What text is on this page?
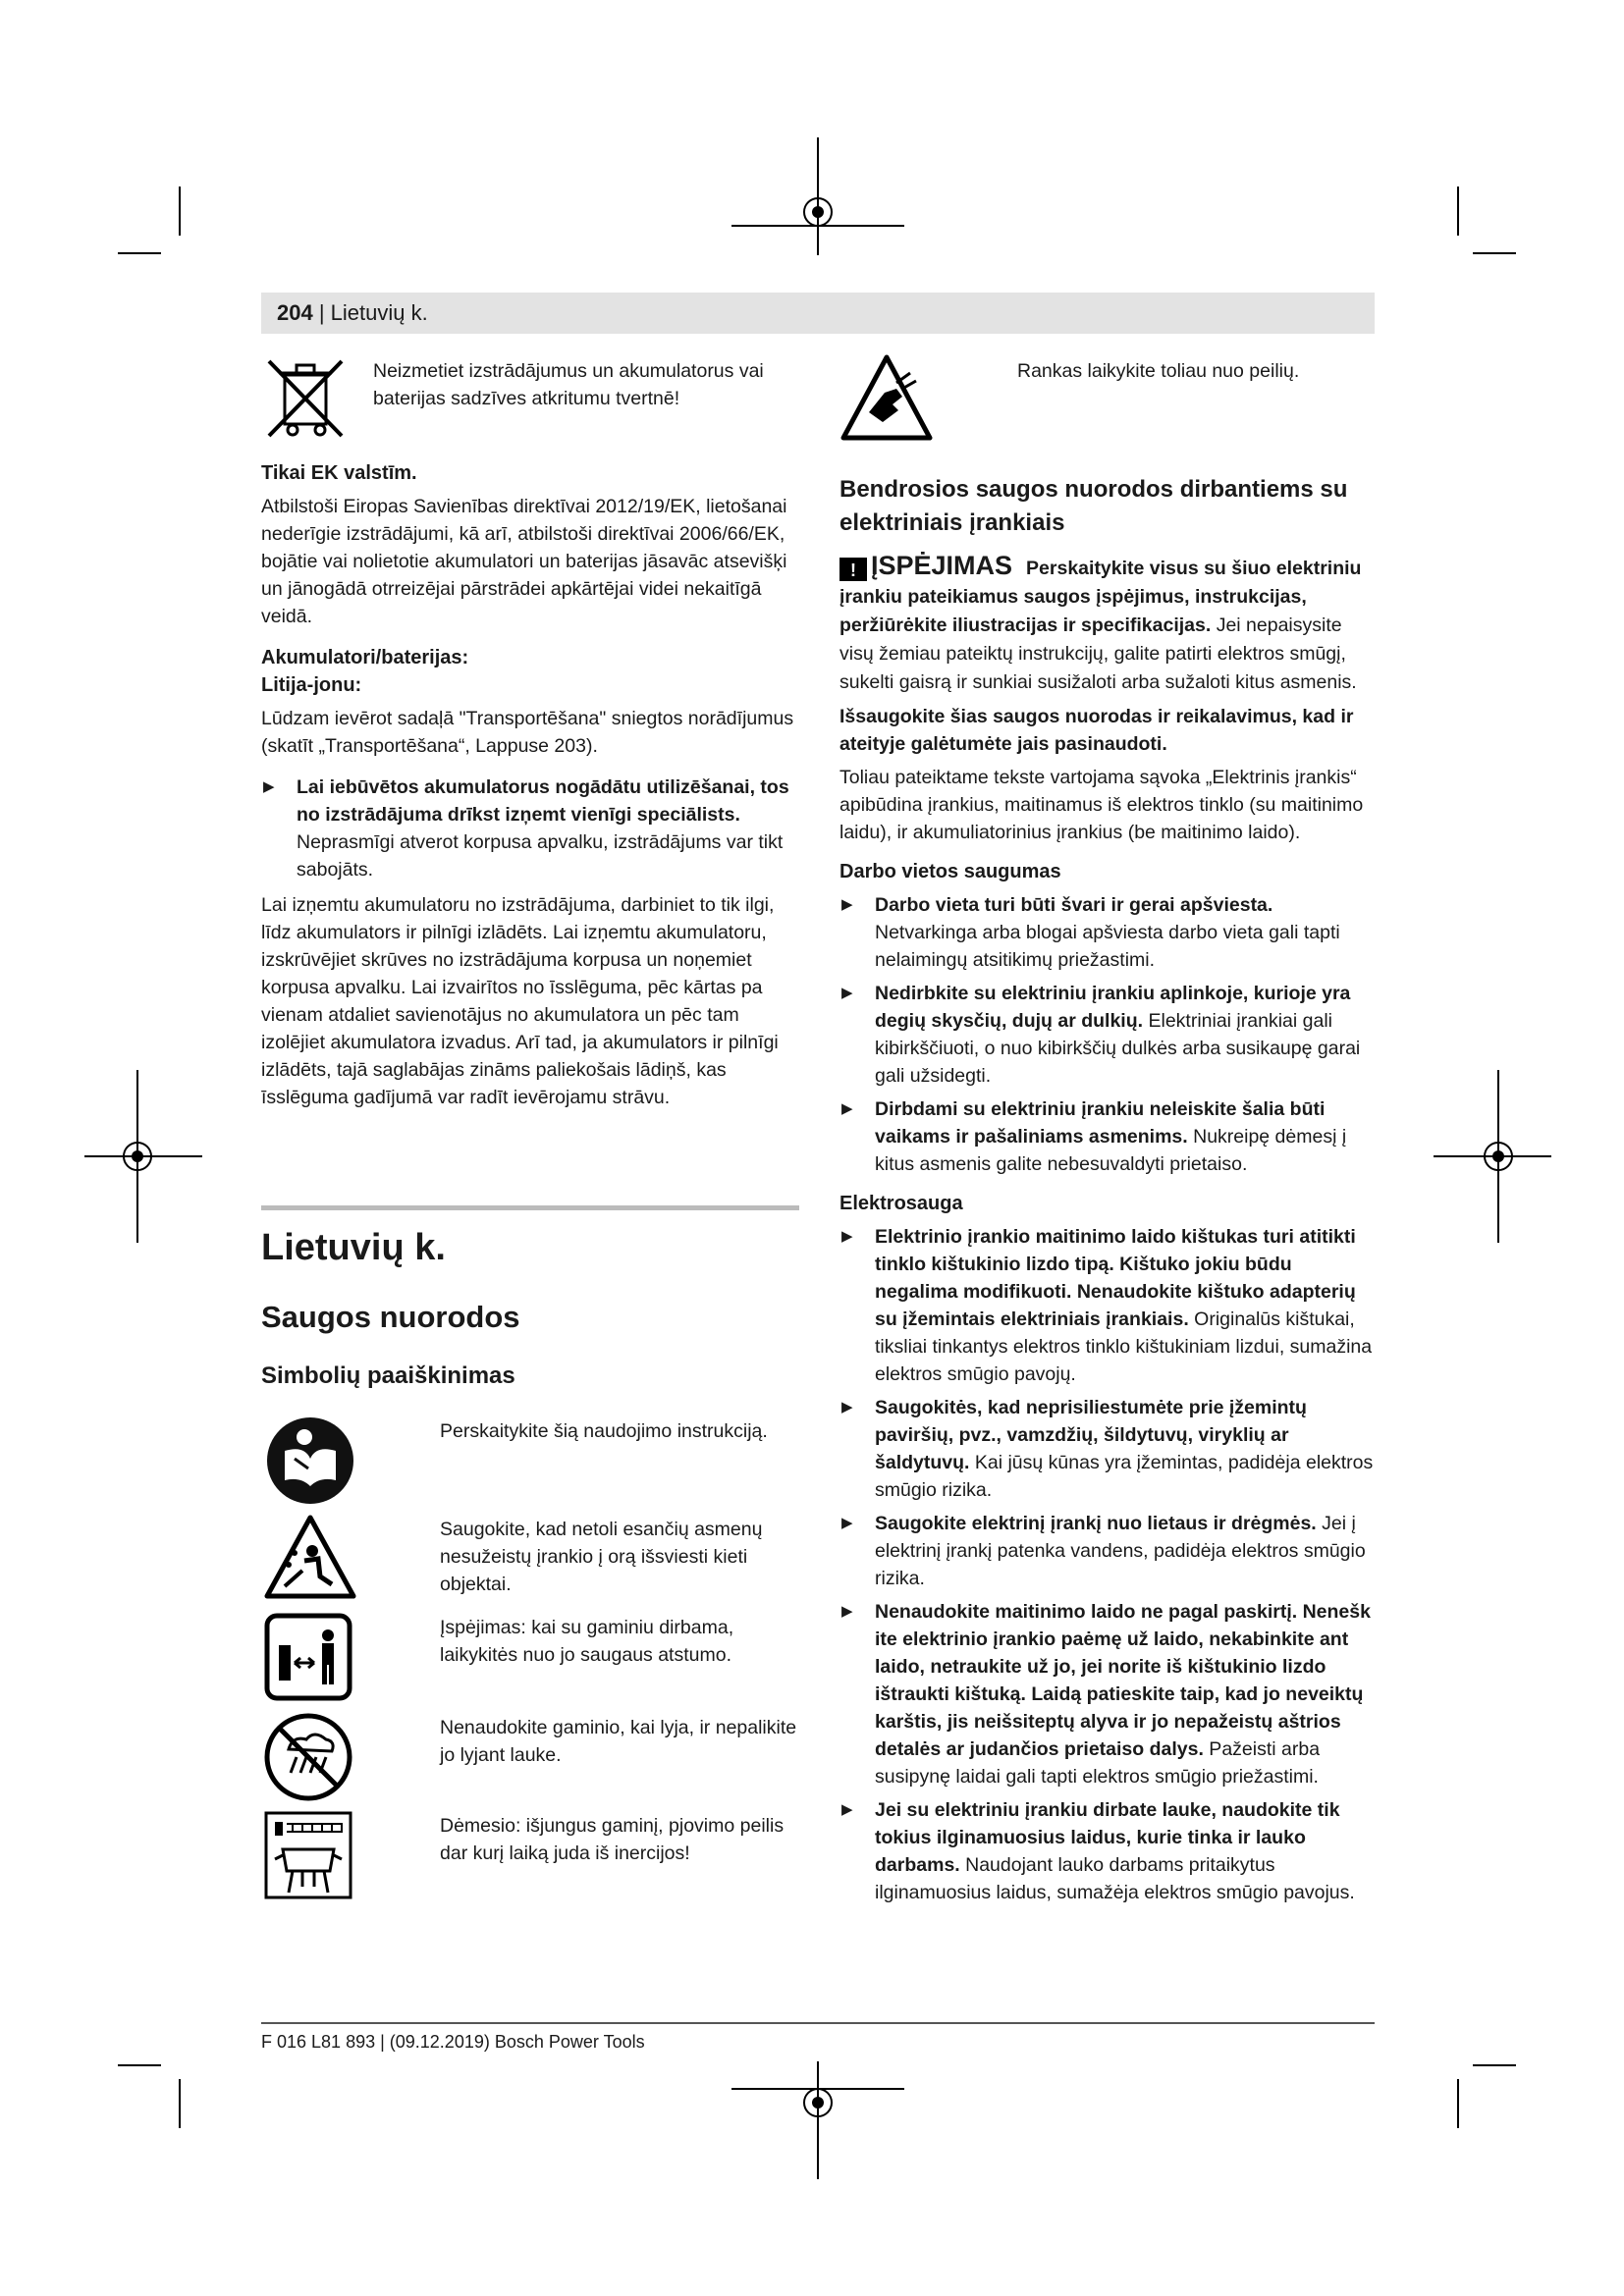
204 | Lietuvių k.

Neizmetiet izstrādājumus un akumulatorus vai baterijas sadzīves atkritumu tvertnē!

Tikai EK valstīm.

Atbilstoši Eiropas Savienības direktīvai 2012/19/EK, lietošanai nederīgie izstrādājumi, kā arī, atbilstoši direktīvai 2006/66/EK, bojātie vai nolietotie akumulatori un baterijas jāsavāc atsevišķi un jānogādā otrreizējai pārstrādei apkārtējai videi nekaitīgā veidā.

Akumulatori/baterijas:
Litija-jonu:

Lūdzam ievērot sadaļā "Transportēšana" sniegtos norādījumus (skatīt „Transportēšana“, Lappuse 203).

▶ Lai iebūvētos akumulatorus nogādātu utilizēšanai, tos no izstrādājuma drīkst izņemt vienīgi speciālists. Neprasmīgi atverot korpusa apvalku, izstrādājums var tikt sabojāts.

Lai izņemtu akumulatoru no izstrādājuma, darbiniet to tik ilgi, līdz akumulators ir pilnīgi izlādēts. Lai izņemtu akumulatoru, izskrūvējiet skrūves no izstrādājuma korpusa un noņemiet korpusa apvalku. Lai izvairītos no īsslēguma, pēc kārtas pa vienam atdaliet savienotājus no akumulatora un pēc tam izolējiet akumulatora izvadus. Arī tad, ja akumulators ir pilnīgi izlādēts, tajā saglabājas zināms paliekošais lādiņš, kas īsslēguma gadījumā var radīt ievērojamu strāvu.

Lietuvių k.
Saugos nuorodos
Simbolių paaiškinimas

Perskaitykite šią naudojimo instrukciją.

Saugokite, kad netoli esančių asmenų nesužeistų įrankio į orą išsviesti kieti objektai.

Įspėjimas: kai su gaminiu dirbama, laikykitės nuo jo saugaus atstumo.

Nenaudokite gaminio, kai lyja, ir nepalikite jo lyjant lauke.

Dėmesio: išjungus gaminį, pjovimo peilis dar kurį laiką juda iš inercijos!

Rankas laikykite toliau nuo peilių.

Bendrosios saugos nuorodos dirbantiems su elektriniais įrankiais

! ĮSPĖJIMAS Perskaitykite visus su šiuo elektriniu įrankiu pateikiamus saugos įspėjimus, instrukcijas, peržiūrėkite iliustracijas ir specifikacijas. Jei nepaisysite visų žemiau pateiktų instrukcijų, galite patirti elektros smūgį, sukelti gaisrą ir sunkiai susižaloti arba sužaloti kitus asmenis.

Išsaugokite šias saugos nuorodas ir reikalavimus, kad ir ateityje galėtumėte jais pasinaudoti.

Toliau pateiktame tekste vartojama sąvoka „Elektrinis įrankis“ apibūdina įrankius, maitinamus iš elektros tinklo (su maitinimo laidu), ir akumuliatorinius įrankius (be maitinimo laido).

Darbo vietos saugumas

▶ Darbo vieta turi būti švari ir gerai apšviesta. Netvarkinga arba blogai apšviesta darbo vieta gali tapti nelaimingų atsitikimų priežastimi.

▶ Nedirbkite su elektriniu įrankiu aplinkoje, kurioje yra degių skysčių, dujų ar dulkių. Elektriniai įrankiai gali kibirkščiuoti, o nuo kibirkščių dulkės arba susikaupę garai gali užsidegti.

▶ Dirbdami su elektriniu įrankiu neleiskite šalia būti vaikams ir pašaliniams asmenims. Nukreipę dėmesį į kitus asmenis galite nebesuvaldyti prietaiso.

Elektrosauga

▶ Elektrinio įrankio maitinimo laido kištukas turi atitikti tinklo kištukinio lizdo tipą. Kištuko jokiu būdu negalima modifikuoti. Nenaudokite kištuko adapterių su įžemintais elektriniais įrankiais. Originalūs kištukai, tiksliai tinkantys elektros tinklo kištukiniam lizdui, sumažina elektros smūgio pavojų.

▶ Saugokitės, kad neprisiliestumėte prie įžemintų paviršių, pvz., vamzdžių, šildytuvų, viryklių ar šaldytuvų. Kai jūsų kūnas yra įžemintas, padidėja elektros smūgio rizika.

▶ Saugokite elektrinį įrankį nuo lietaus ir drėgmės. Jei į elektrinį įrankį patenka vandens, padidėja elektros smūgio rizika.

▶ Nenaudokite maitinimo laido ne pagal paskirtį. Nenešk ite elektrinio įrankio paėmę už laido, nekabinkite ant laido, netraukite už jo, jei norite iš kištukinio lizdo ištraukti kištuką. Laidą patieskite taip, kad jo neveiktų karštis, jis neišsiteptų alyva ir jo nepažeistų aštrios detalės ar judančios prietaiso dalys. Pažeisti arba susipynę laidai gali tapti elektros smūgio priežastimi.

▶ Jei su elektriniu įrankiu dirbate lauke, naudokite tik tokius ilginamuosius laidus, kurie tinka ir lauko darbams. Naudojant lauko darbams pritaikytus ilginamuosius laidus, sumažėja elektros smūgio pavojus.

F 016 L81 893 | (09.12.2019) Bosch Power Tools
